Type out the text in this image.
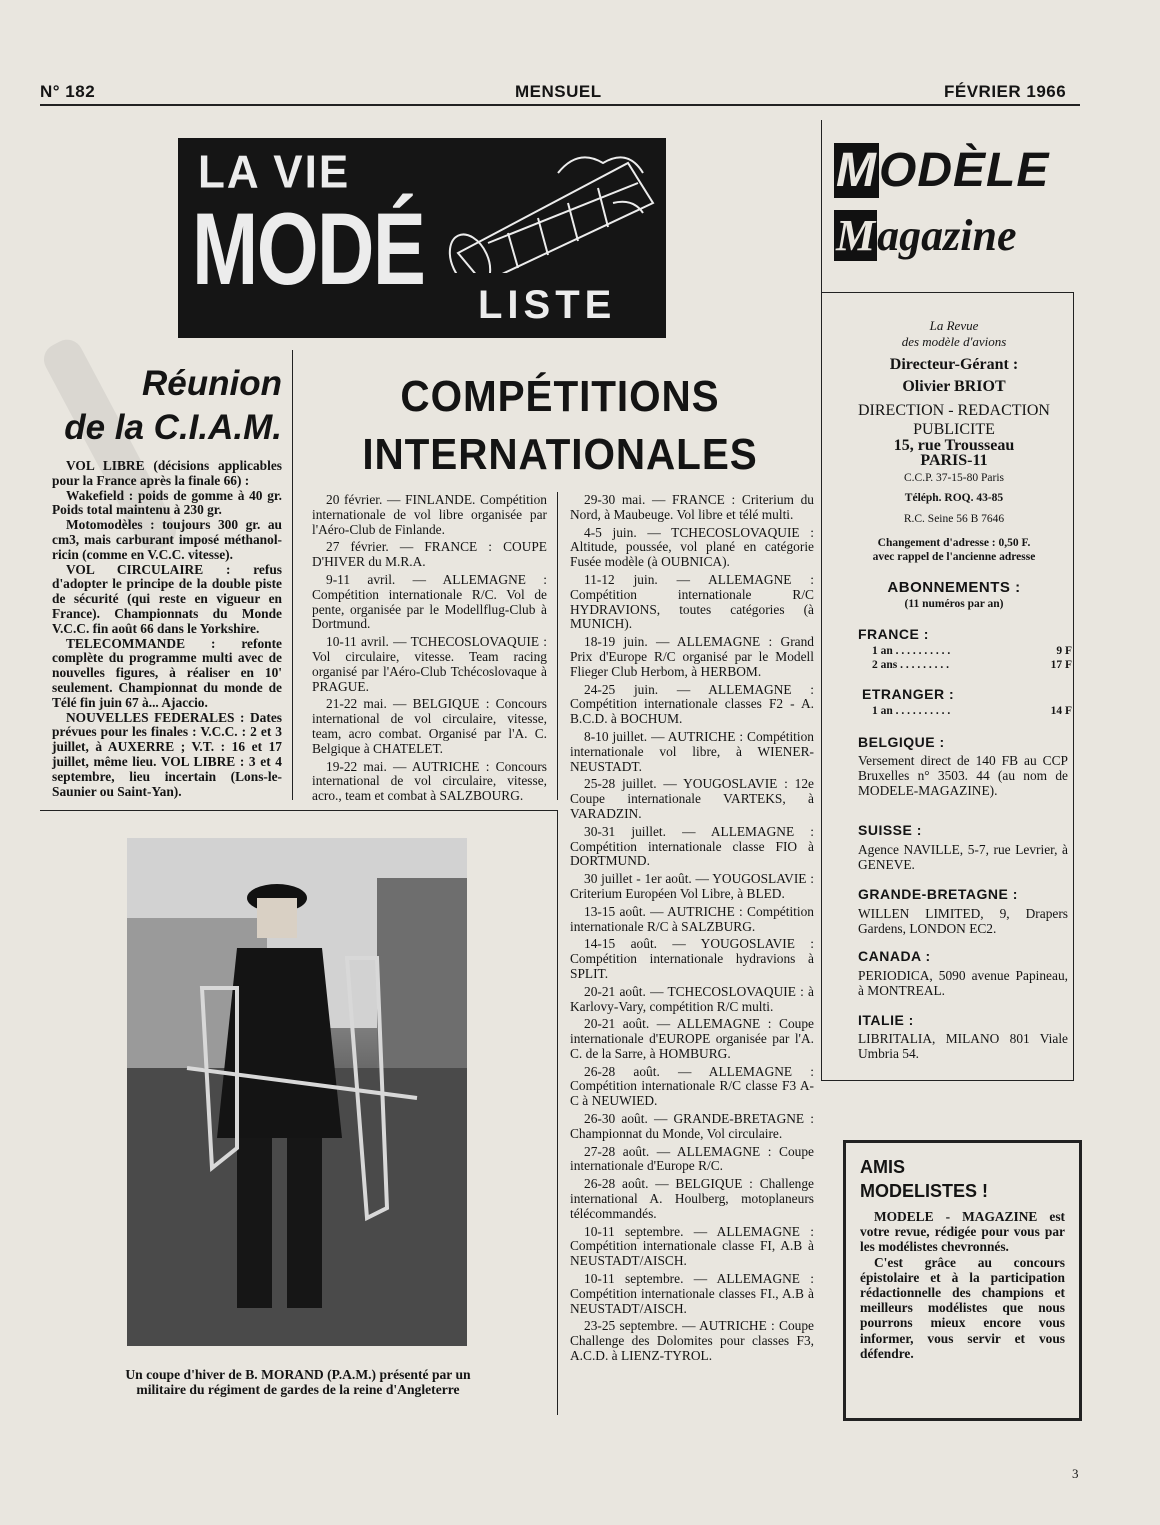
N° 182	MENSUEL	FÉVRIER 1966
LA VIE
MODÉ LISTE
MODÈLE
Magazine
Réunion
de la C.I.A.M.

VOL LIBRE (décisions applicables pour la France après la finale 66) :

Wakefield : poids de gomme à 40 gr. Poids total maintenu à 230 gr.

Motomodèles : toujours 300 gr. au cm3, mais carburant imposé méthanol-ricin (comme en V.C.C. vitesse).

VOL CIRCULAIRE : refus d'adopter le principe de la double piste de sécurité (qui reste en vigueur en France). Championnats du Monde V.C.C. fin août 66 dans le Yorkshire.

TELECOMMANDE : refonte complète du programme multi avec de nouvelles figures, à réaliser en 10' seulement. Championnat du monde de Télé fin juin 67 à... Ajaccio.

NOUVELLES FEDERALES : Dates prévues pour les finales : V.C.C. : 2 et 3 juillet, à AUXERRE ; V.T. : 16 et 17 juillet, même lieu. VOL LIBRE : 3 et 4 septembre, lieu incertain (Lons-le-Saunier ou Saint-Yan).

COMPÉTITIONS
INTERNATIONALES

20 février. — FINLANDE. Compétition internationale de vol libre organisée par l'Aéro-Club de Finlande.

27 février. — FRANCE : COUPE D'HIVER du M.R.A.

9-11 avril. — ALLEMAGNE : Compétition internationale R/C. Vol de pente, organisée par le Modellflug-Club à Dortmund.

10-11 avril. — TCHECOSLOVAQUIE : Vol circulaire, vitesse. Team racing organisé par l'Aéro-Club Tchécoslovaque à PRAGUE.

21-22 mai. — BELGIQUE : Concours international de vol circulaire, vitesse, team, acro combat. Organisé par l'A. C. Belgique à CHATELET.

19-22 mai. — AUTRICHE : Concours international de vol circulaire, vitesse, acro., team et combat à SALZBOURG.

29-30 mai. — FRANCE : Criterium du Nord, à Maubeuge. Vol libre et télé multi.

4-5 juin. — TCHECOSLOVAQUIE : Altitude, poussée, vol plané en catégorie Fusée modèle (à OUBNICA).

11-12 juin. — ALLEMAGNE : Compétition internationale R/C HYDRAVIONS, toutes catégories (à MUNICH).

18-19 juin. — ALLEMAGNE : Grand Prix d'Europe R/C organisé par le Modell Flieger Club Herbom, à HERBOM.

24-25 juin. — ALLEMAGNE : Compétition internationale classes F2 - A. B.C.D. à BOCHUM.

8-10 juillet. — AUTRICHE : Compétition internationale vol libre, à WIENER-NEUSTADT.

25-28 juillet. — YOUGOSLAVIE : 12e Coupe internationale VARTEKS, à VARADZIN.

30-31 juillet. — ALLEMAGNE : Compétition internationale classe FIO à DORTMUND.

30 juillet - 1er août. — YOUGOSLAVIE : Criterium Européen Vol Libre, à BLED.

13-15 août. — AUTRICHE : Compétition internationale R/C à SALZBURG.

14-15 août. — YOUGOSLAVIE : Compétition internationale hydravions à SPLIT.

20-21 août. — TCHECOSLOVAQUIE : à Karlovy-Vary, compétition R/C multi.

20-21 août. — ALLEMAGNE : Coupe internationale d'EUROPE organisée par l'A. C. de la Sarre, à HOMBURG.

26-28 août. — ALLEMAGNE : Compétition internationale R/C classe F3 A-C à NEUWIED.

26-30 août. — GRANDE-BRETAGNE : Championnat du Monde, Vol circulaire.

27-28 août. — ALLEMAGNE : Coupe internationale d'Europe R/C.

26-28 août. — BELGIQUE : Challenge international A. Houlberg, motoplaneurs télécommandés.

10-11 septembre. — ALLEMAGNE : Compétition internationale classe FI, A.B à NEUSTADT/AISCH.

10-11 septembre. — ALLEMAGNE : Compétition internationale classes FI., A.B à NEUSTADT/AISCH.

23-25 septembre. — AUTRICHE : Coupe Challenge des Dolomites pour classes F3, A.C.D. à LIENZ-TYROL.

Un coupe d'hiver de B. MORAND (P.A.M.) présenté par un militaire du régiment de gardes de la reine d'Angleterre
La Revue
des modèle d'avions
Directeur-Gérant :
Olivier BRIOT
DIRECTION - REDACTION
PUBLICITE
15, rue Trousseau
PARIS-11
C.C.P. 37-15-80 Paris
Téléph. ROQ. 43-85
R.C. Seine 56 B 7646
Changement d'adresse : 0,50 F.
avec rappel de l'ancienne adresse
ABONNEMENTS :
(11 numéros par an)
FRANCE :
1 an . . . . . . . . . .	9 F
2 ans . . . . . . . . .	17 F
ETRANGER :
1 an . . . . . . . . . .	14 F
BELGIQUE :
Versement direct de 140 FB au CCP Bruxelles n° 3503. 44 (au nom de MODELE-MAGAZINE).
SUISSE :
Agence NAVILLE, 5-7, rue Levrier, à GENEVE.
GRANDE-BRETAGNE :
WILLEN LIMITED, 9, Drapers Gardens, LONDON EC2.
CANADA :
PERIODICA, 5090 avenue Papineau, à MONTREAL.
ITALIE :
LIBRITALIA, MILANO 801 Viale Umbria 54.
AMIS
MODELISTES !
MODELE - MAGAZINE est votre revue, rédigée pour vous par les modélistes chevronnés.
C'est grâce au concours épistolaire et à la participation rédactionnelle des champions et meilleurs modélistes que nous pourrons mieux encore vous informer, vous servir et vous défendre.
3
